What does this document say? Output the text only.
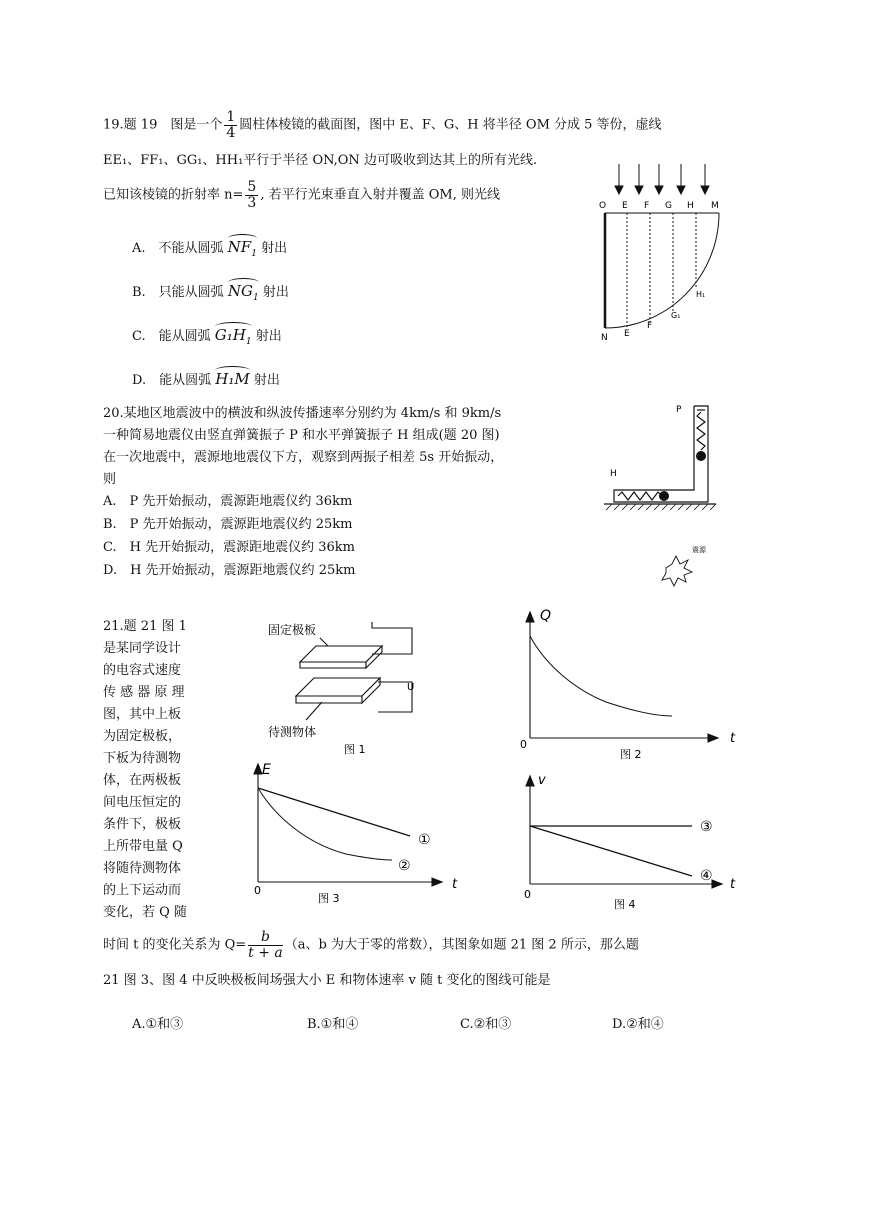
19.题 19　图是一个 $\frac{1}{4}$ 圆柱体棱镜的截面图，图中 E、F、G、H 将半径 OM 分成 5 等份，虚线
EE₁、FF₁、GG₁、HH₁平行于半径 ON,ON 边可吸收到达其上的所有光线.
已知该棱镜的折射率 $n= \frac{5}{3}$ , 若平行光束垂直入射并覆盖 OM, 则光线
A.　不能从圆弧 $NF_1$ 射出
B.　只能从圆弧 $NG_1$ 射出
C.　能从圆弧 $G_1H_1$ 射出
D.　能从圆弧 H₁M 射出
O E F G H M
N E
F
G₁
H₁
20.某地区地震波中的横波和纵波传播速率分别约为 4km/s 和 9km/s
一种简易地震仪由竖直弹簧振子 P 和水平弹簧振子 H 组成(题 20 图)
在一次地震中，震源地地震仪下方，观察到两振子相差 5s 开始振动，
则
A.　P 先开始振动，震源距地震仪约 36km
B.　P 先开始振动，震源距地震仪约 25km
C.　H 先开始振动，震源距地震仪约 36km
D.　H 先开始振动，震源距地震仪约 25km
P
H
震源
21.题 21 图 1
是某同学设计
的电容式速度
传 感 器 原 理
图，其中上板
为固定极板，
下板为待测物
体，在两极板
间电压恒定的
条件下，极板
上所带电量 Q
将随待测物体
的上下运动而
变化，若 Q 随
固定极板
U
待测物体
图 1
Q
t
0
图 2
E
t
0
①
②
图 3
v
t
0
③
④
图 4
时间 t 的变化关系为 $Q= \frac{b}{t + a} (a$、b 为大于零的常数），其图象如题 21 图 2 所示，那么题
21 图 3、图 4 中反映极板间场强大小 E 和物体速率 v 随 t 变化的图线可能是
A.①和③	B.①和④	C.②和③	D.②和④
